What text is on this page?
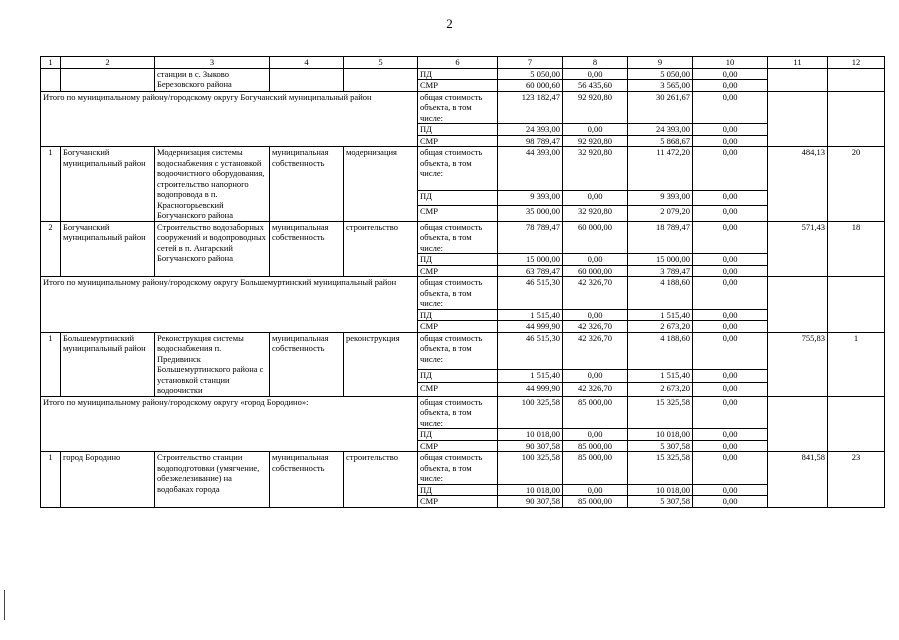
2
1	2	3	4	5	6	7	8	9	10	11	12
		станции в с. Зыково Березовского района			ПД	5 050,00	0,00	5 050,00	0,00		
					СМР	60 000,60	56 435,60	3 565,00	0,00		
Итого по муниципальному району/городскому округу Богучанский муниципальный район					общая стоимость объекта, в том числе:	123 182,47	92 920,80	30 261,67	0,00		
					ПД	24 393,00	0,00	24 393,00	0,00		
					СМР	98 789,47	92 920,80	5 868,67	0,00		
1	Богучанский муниципальный район	Модернизация системы водоснабжения с установкой водоочистного оборудования, строительство напорного водопровода в п. Красногорьевский Богучанского района	муниципальная собственность	модернизация	общая стоимость объекта, в том числе:	44 393,00	32 920,80	11 472,20	0,00	484,13	20
					ПД	9 393,00	0,00	9 393,00	0,00		
					СМР	35 000,00	32 920,80	2 079,20	0,00		
2	Богучанский муниципальный район	Строительство водозаборных сооружений и водопроводных сетей в п. Ангарский Богучанского района	муниципальная собственность	строительство	общая стоимость объекта, в том числе:	78 789,47	60 000,00	18 789,47	0,00	571,43	18
					ПД	15 000,00	0,00	15 000,00	0,00		
					СМР	63 789,47	60 000,00	3 789,47	0,00		
Итого по муниципальному району/городскому округу Большемуртинский муниципальный район					общая стоимость объекта, в том числе:	46 515,30	42 326,70	4 188,60	0,00		
					ПД	1 515,40	0,00	1 515,40	0,00		
					СМР	44 999,90	42 326,70	2 673,20	0,00		
1	Большемуртинский муниципальный район	Реконструкция системы водоснабжения п. Предивинск Большемуртинского района с установкой станции водоочистки	муниципальная собственность	реконструкция	общая стоимость объекта, в том числе:	46 515,30	42 326,70	4 188,60	0,00	755,83	1
					ПД	1 515,40	0,00	1 515,40	0,00		
					СМР	44 999,90	42 326,70	2 673,20	0,00		
Итого по муниципальному району/городскому округу «город Бородино»:					общая стоимость объекта, в том числе:	100 325,58	85 000,00	15 325,58	0,00		
					ПД	10 018,00	0,00	10 018,00	0,00		
					СМР	90 307,58	85 000,00	5 307,58	0,00		
1	город Бородино	Строительство станции водоподготовки (умягчение, обезжелезивание) на водобаках города	муниципальная собственность	строительство	общая стоимость объекта, в том числе:	100 325,58	85 000,00	15 325,58	0,00	841,58	23
					ПД	10 018,00	0,00	10 018,00	0,00		
					СМР	90 307,58	85 000,00	5 307,58	0,00		
